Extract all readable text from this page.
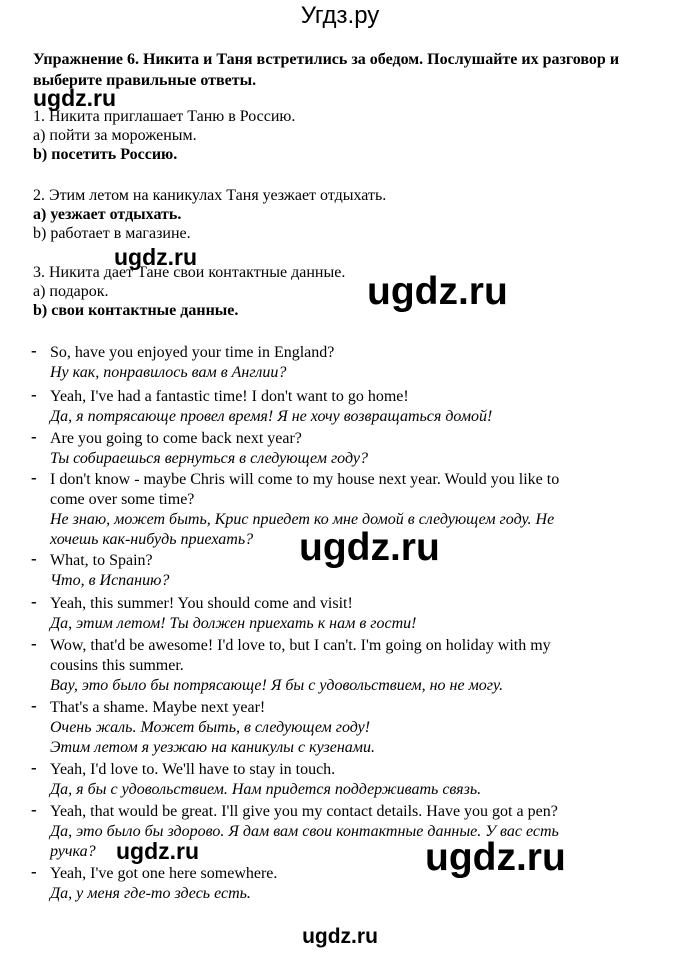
Угдз.ру
Упражнение 6. Никита и Таня встретились за обедом. Послушайте их разговор и выберите правильные ответы.
ugdz.ru
1. Никита приглашает Таню в Россию.
а) пойти за мороженым.
b) посетить Россию.
2. Этим летом на каникулах Таня уезжает отдыхать.
а) уезжает отдыхать.
b) работает в магазине.
ugdz.ru
3. Никита дает Тане свои контактные данные.
а) подарок.
b) свои контактные данные.	ugdz.ru
- So, have you enjoyed your time in England?
Ну как, понравилось вам в Англии?
- Yeah, I've had a fantastic time! I don't want to go home!
Да, я потрясающе провел время! Я не хочу возвращаться домой!
- Are you going to come back next year?
Ты собираешься вернуться в следующем году?
- I don't know - maybe Chris will come to my house next year. Would you like to
come over some time?
Не знаю, может быть, Крис приедет ко мне домой в следующем году. Не
хочешь как-нибудь приехать? ugdz.ru
- What, to Spain?
Что, в Испанию?
- Yeah, this summer! You should come and visit!
Да, этим летом! Ты должен приехать к нам в гости!
- Wow, that'd be awesome! I'd love to, but I can't. I'm going on holiday with my
cousins this summer.
Вау, это было бы потрясающе! Я бы с удовольствием, но не могу.
- That's a shame. Maybe next year!
Очень жаль. Может быть, в следующем году!
Этим летом я уезжаю на каникулы с кузенами.
- Yeah, I'd love to. We'll have to stay in touch.
Да, я бы с удовольствием. Нам придется поддерживать связь.
- Yeah, that would be great. I'll give you my contact details. Have you got a pen?
Да, это было бы здорово. Я дам вам свои контактные данные. У вас есть
ручка? ugdz.ru	ugdz.ru
- Yeah, I've got one here somewhere.
Да, у меня где-то здесь есть.
ugdz.ru
